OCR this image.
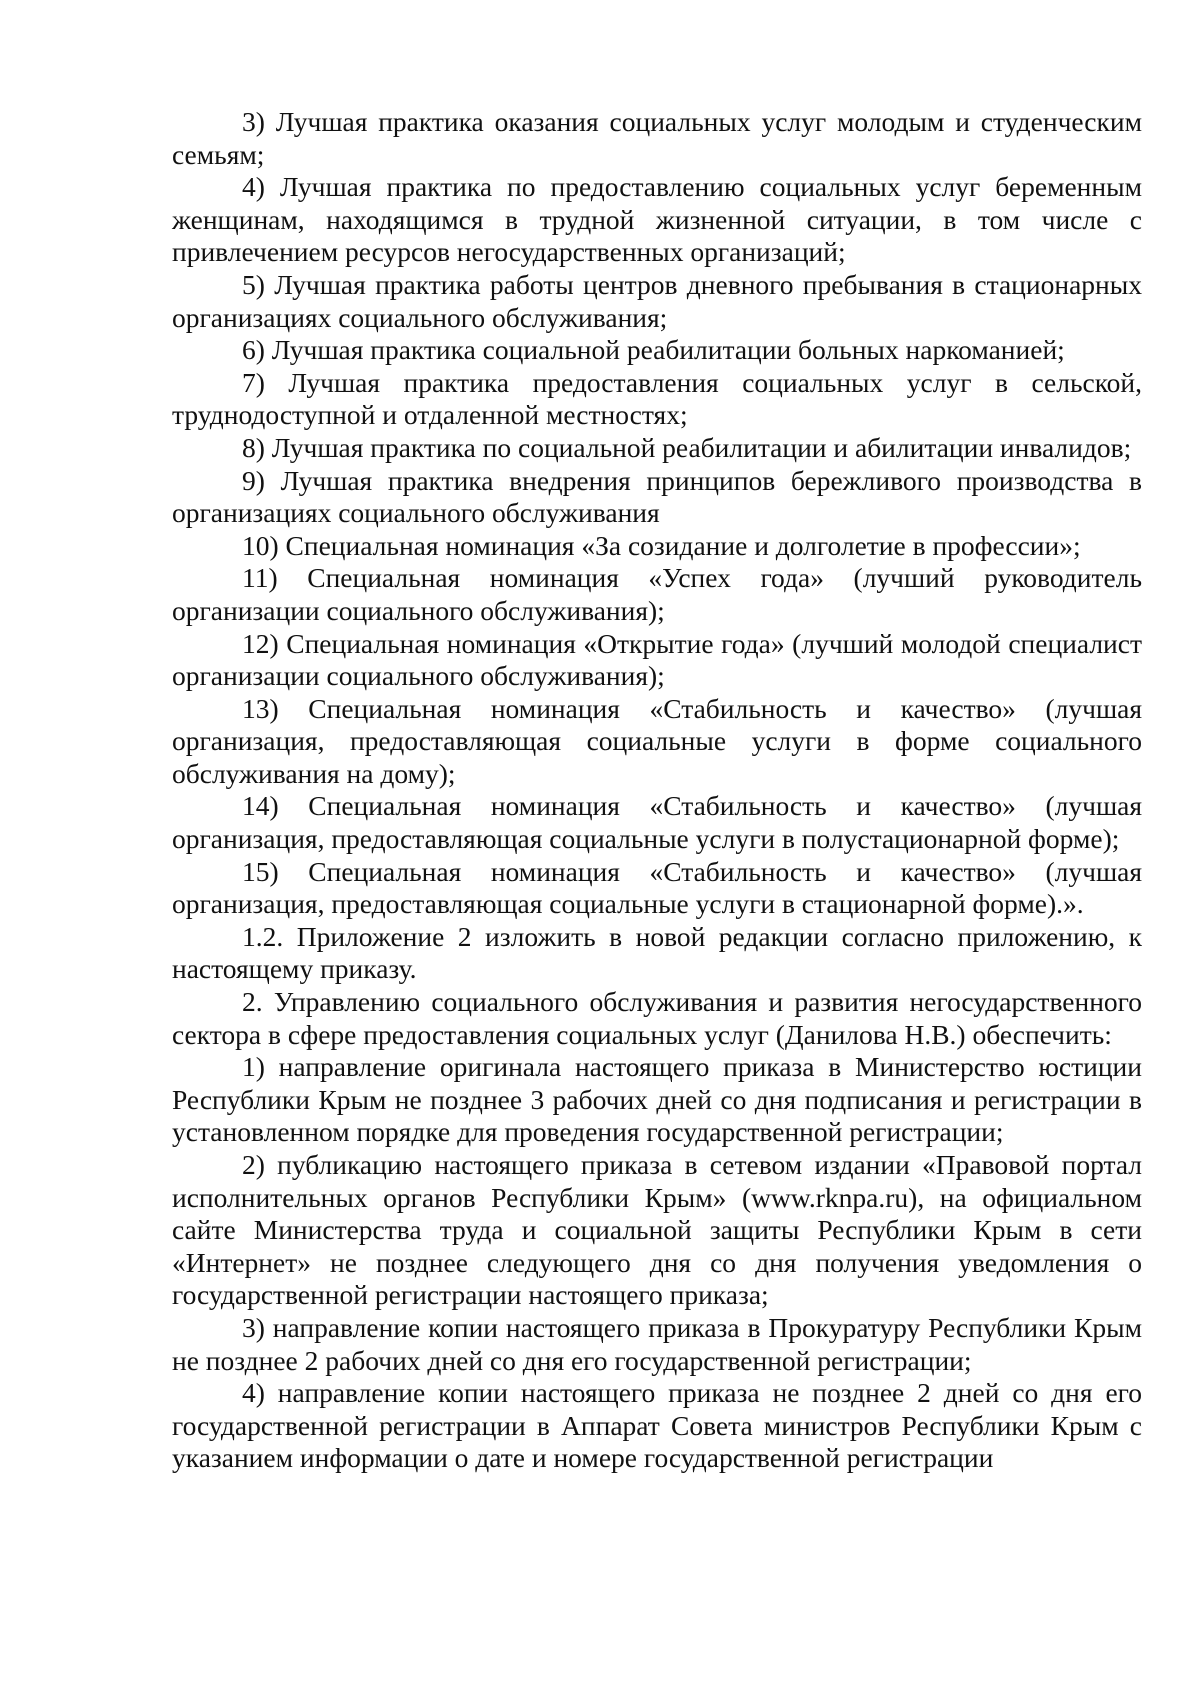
3) Лучшая практика оказания социальных услуг молодым и студенческим семьям;

4) Лучшая практика по предоставлению социальных услуг беременным женщинам, находящимся в трудной жизненной ситуации, в том числе с привлечением ресурсов негосударственных организаций;

5) Лучшая практика работы центров дневного пребывания в стационарных организациях социального обслуживания;

6) Лучшая практика социальной реабилитации больных наркоманией;

7) Лучшая практика предоставления социальных услуг в сельской, труднодоступной и отдаленной местностях;

8) Лучшая практика по социальной реабилитации и абилитации инвалидов;

9) Лучшая практика внедрения принципов бережливого производства в организациях социального обслуживания

10) Специальная номинация «За созидание и долголетие в профессии»;

11) Специальная номинация «Успех года» (лучший руководитель организации социального обслуживания);

12) Специальная номинация «Открытие года» (лучший молодой специалист организации социального обслуживания);

13) Специальная номинация «Стабильность и качество» (лучшая организация, предоставляющая социальные услуги в форме социального обслуживания на дому);

14) Специальная номинация «Стабильность и качество» (лучшая организация, предоставляющая социальные услуги в полустационарной форме);

15) Специальная номинация «Стабильность и качество» (лучшая организация, предоставляющая социальные услуги в стационарной форме).».

1.2. Приложение 2 изложить в новой редакции согласно приложению, к настоящему приказу.

2. Управлению социального обслуживания и развития негосударственного сектора в сфере предоставления социальных услуг (Данилова Н.В.) обеспечить:

1) направление оригинала настоящего приказа в Министерство юстиции Республики Крым не позднее 3 рабочих дней со дня подписания и регистрации в установленном порядке для проведения государственной регистрации;

2) публикацию настоящего приказа в сетевом издании «Правовой портал исполнительных органов Республики Крым» (www.rknpa.ru), на официальном сайте Министерства труда и социальной защиты Республики Крым в сети «Интернет» не позднее следующего дня со дня получения уведомления о государственной регистрации настоящего приказа;

3) направление копии настоящего приказа в Прокуратуру Республики Крым не позднее 2 рабочих дней со дня его государственной регистрации;

4) направление копии настоящего приказа не позднее 2 дней со дня его государственной регистрации в Аппарат Совета министров Республики Крым с указанием информации о дате и номере государственной регистрации
